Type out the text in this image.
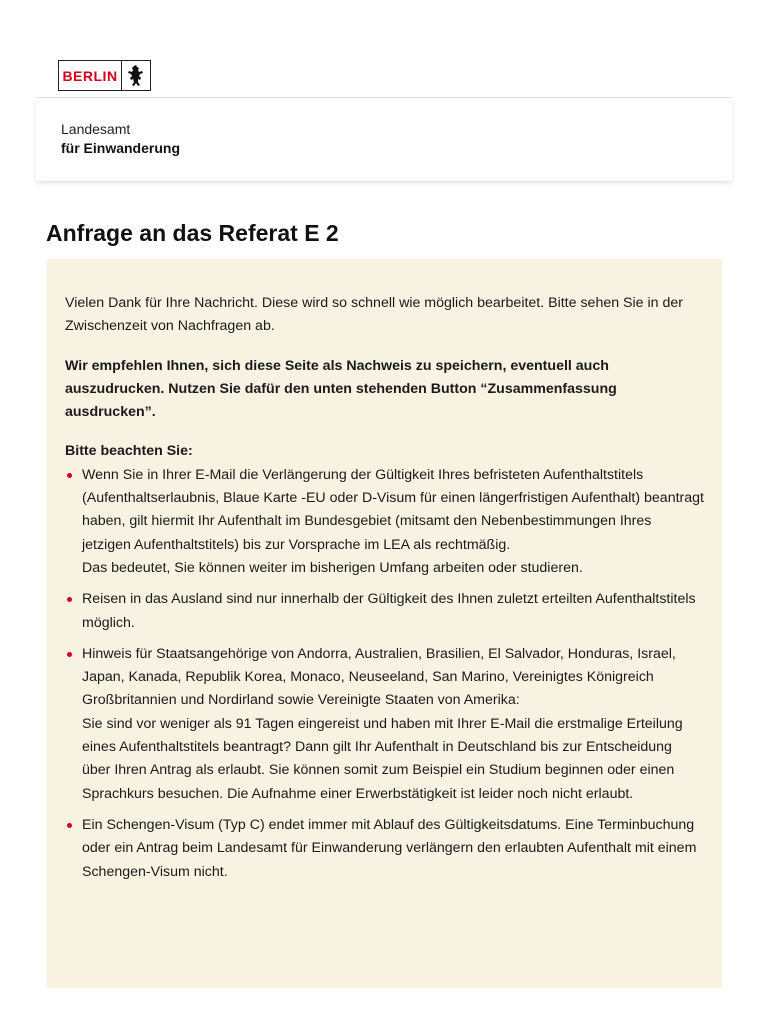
BERLIN
Landesamt
für Einwanderung
Anfrage an das Referat E 2

Vielen Dank für Ihre Nachricht. Diese wird so schnell wie möglich bearbeitet. Bitte sehen Sie in der Zwischenzeit von Nachfragen ab.

Wir empfehlen Ihnen, sich diese Seite als Nachweis zu speichern, eventuell auch auszudrucken. Nutzen Sie dafür den unten stehenden Button “Zusammenfassung ausdrucken”.

Bitte beachten Sie:

Wenn Sie in Ihrer E-Mail die Verlängerung der Gültigkeit Ihres befristeten Aufenthaltstitels (Aufenthaltserlaubnis, Blaue Karte -EU oder D-Visum für einen längerfristigen Aufenthalt) beantragt haben, gilt hiermit Ihr Aufenthalt im Bundesgebiet (mitsamt den Nebenbestimmungen Ihres jetzigen Aufenthaltstitels) bis zur Vorsprache im LEA als rechtmäßig.

Das bedeutet, Sie können weiter im bisherigen Umfang arbeiten oder studieren.

Reisen in das Ausland sind nur innerhalb der Gültigkeit des Ihnen zuletzt erteilten Aufenthaltstitels möglich.

Hinweis für Staatsangehörige von Andorra, Australien, Brasilien, El Salvador, Honduras, Israel, Japan, Kanada, Republik Korea, Monaco, Neuseeland, San Marino, Vereinigtes Königreich Großbritannien und Nordirland sowie Vereinigte Staaten von Amerika:

Sie sind vor weniger als 91 Tagen eingereist und haben mit Ihrer E-Mail die erstmalige Erteilung eines Aufenthaltstitels beantragt? Dann gilt Ihr Aufenthalt in Deutschland bis zur Entscheidung über Ihren Antrag als erlaubt. Sie können somit zum Beispiel ein Studium beginnen oder einen Sprachkurs besuchen. Die Aufnahme einer Erwerbstätigkeit ist leider noch nicht erlaubt.

Ein Schengen-Visum (Typ C) endet immer mit Ablauf des Gültigkeitsdatums. Eine Terminbuchung oder ein Antrag beim Landesamt für Einwanderung verlängern den erlaubten Aufenthalt mit einem Schengen-Visum nicht.
